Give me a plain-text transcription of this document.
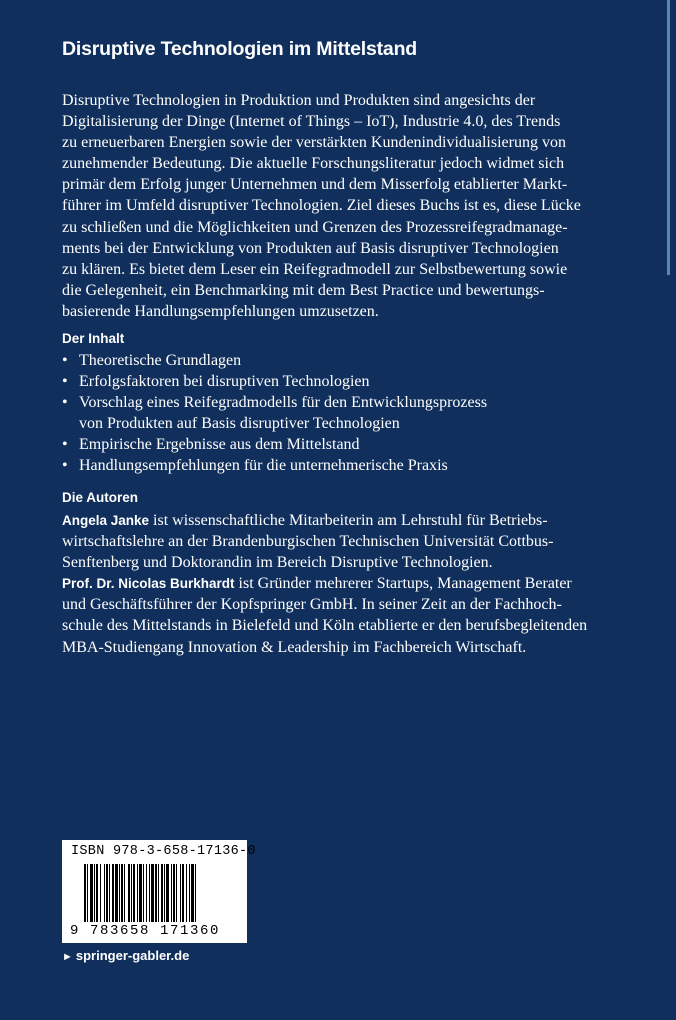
Disruptive Technologien im Mittelstand
Disruptive Technologien in Produktion und Produkten sind angesichts der
Digitalisierung der Dinge (Internet of Things – IoT), Industrie 4.0, des Trends
zu erneuerbaren Energien sowie der verstärkten Kundenindividualisierung von
zunehmender Bedeutung. Die aktuelle Forschungsliteratur jedoch widmet sich
primär dem Erfolg junger Unternehmen und dem Misserfolg etablierter Markt-
führer im Umfeld disruptiver Technologien. Ziel dieses Buchs ist es, diese Lücke
zu schließen und die Möglichkeiten und Grenzen des Prozessreifegradmanage-
ments bei der Entwicklung von Produkten auf Basis disruptiver Technologien
zu klären. Es bietet dem Leser ein Reifegradmodell zur Selbstbewertung sowie
die Gelegenheit, ein Benchmarking mit dem Best Practice und bewertungs-
basierende Handlungsempfehlungen umzusetzen.
Der Inhalt
• Theoretische Grundlagen
• Erfolgsfaktoren bei disruptiven Technologien
• Vorschlag eines Reifegradmodells für den Entwicklungsprozess
von Produkten auf Basis disruptiver Technologien
• Empirische Ergebnisse aus dem Mittelstand
• Handlungsempfehlungen für die unternehmerische Praxis
Die Autoren
Angela Janke ist wissenschaftliche Mitarbeiterin am Lehrstuhl für Betriebs-
wirtschaftslehre an der Brandenburgischen Technischen Universität Cottbus-
Senftenberg und Doktorandin im Bereich Disruptive Technologien.
Prof. Dr. Nicolas Burkhardt ist Gründer mehrerer Startups, Management Berater
und Geschäftsführer der Kopfspringer GmbH. In seiner Zeit an der Fachhoch-
schule des Mittelstands in Bielefeld und Köln etablierte er den berufsbegleitenden
MBA-Studiengang Innovation & Leadership im Fachbereich Wirtschaft.
ISBN 978-3-658-17136-0
9 783658 171360
► springer-gabler.de
